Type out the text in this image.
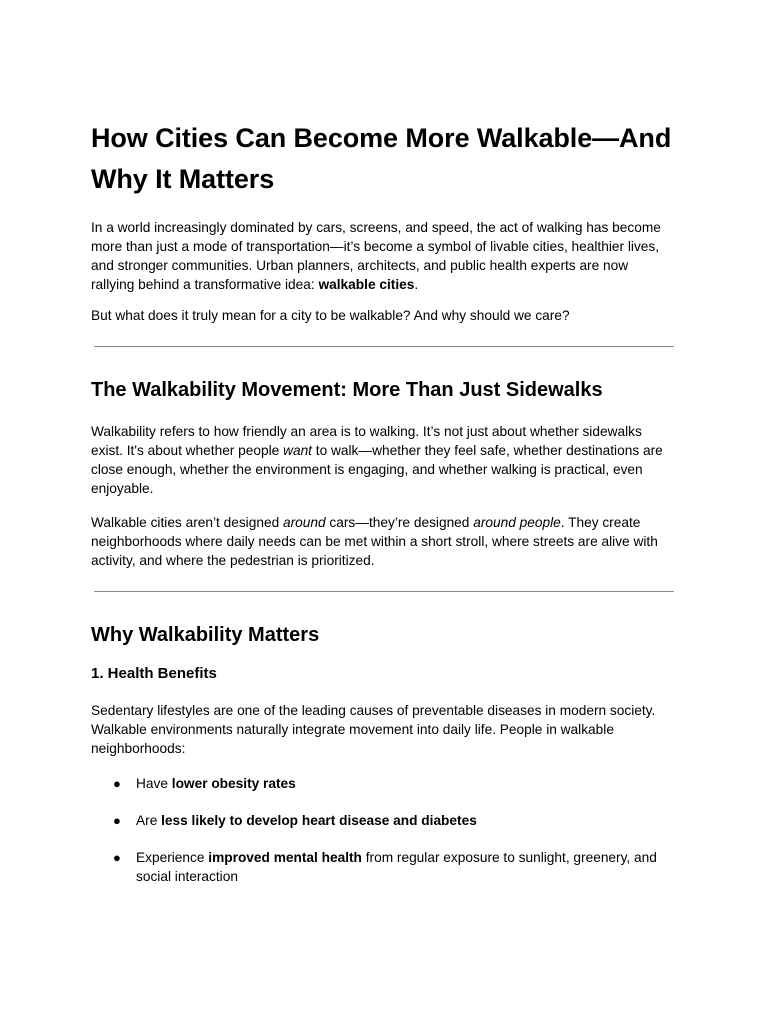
How Cities Can Become More Walkable—And Why It Matters

In a world increasingly dominated by cars, screens, and speed, the act of walking has become more than just a mode of transportation—it’s become a symbol of livable cities, healthier lives, and stronger communities. Urban planners, architects, and public health experts are now rallying behind a transformative idea: walkable cities.

But what does it truly mean for a city to be walkable? And why should we care?

The Walkability Movement: More Than Just Sidewalks

Walkability refers to how friendly an area is to walking. It’s not just about whether sidewalks exist. It's about whether people want to walk—whether they feel safe, whether destinations are close enough, whether the environment is engaging, and whether walking is practical, even enjoyable.

Walkable cities aren’t designed around cars—they’re designed around people. They create neighborhoods where daily needs can be met within a short stroll, where streets are alive with activity, and where the pedestrian is prioritized.

Why Walkability Matters
1. Health Benefits

Sedentary lifestyles are one of the leading causes of preventable diseases in modern society. Walkable environments naturally integrate movement into daily life. People in walkable neighborhoods:

● Have lower obesity rates
● Are less likely to develop heart disease and diabetes
● Experience improved mental health from regular exposure to sunlight, greenery, and social interaction
